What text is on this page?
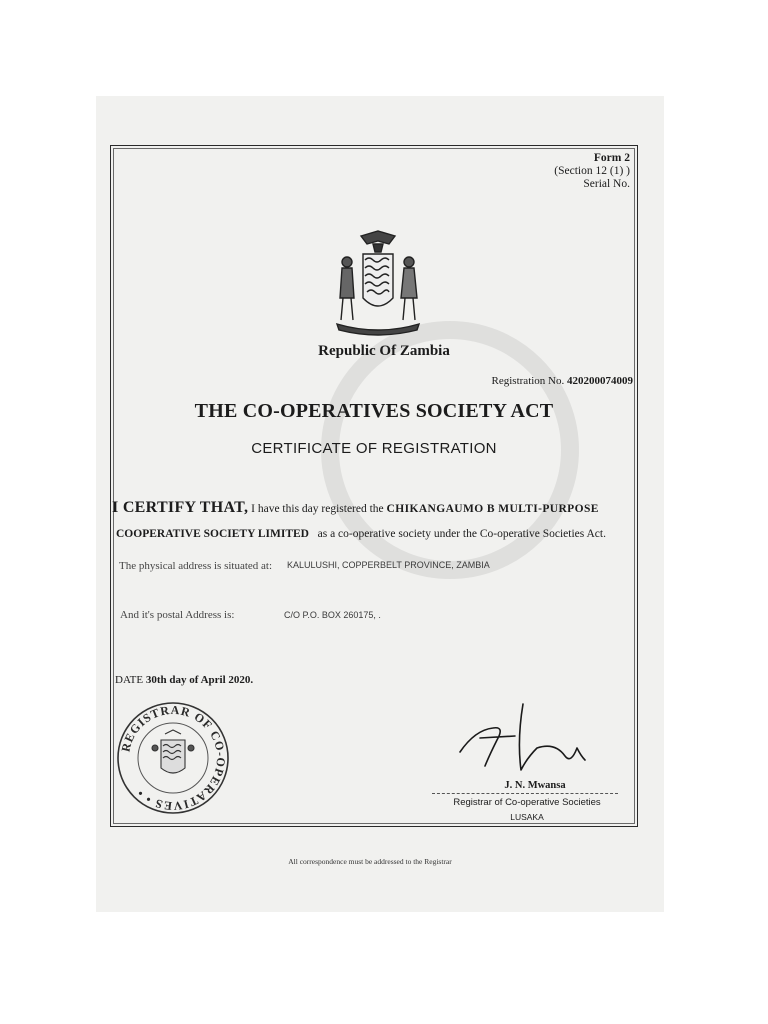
Form 2
(Section 12 (1) )
Serial No.
Republic Of Zambia
Registration No. 420200074009
THE CO-OPERATIVES SOCIETY ACT
CERTIFICATE OF REGISTRATION
I CERTIFY THAT, I have this day registered the CHIKANGAUMO B MULTI-PURPOSE
COOPERATIVE SOCIETY LIMITED as a co-operative society under the Co-operative Societies Act.
The physical address is situated at: KALULUSHI, COPPERBELT PROVINCE, ZAMBIA
And it's postal Address is:	C/O P.O. BOX 260175, .
DATE 30th day of April 2020.
REGISTRAR OF CO-OPERATIVES • •
J. N. Mwansa
Registrar of Co-operative Societies
LUSAKA
All correspondence must be addressed to the Registrar
